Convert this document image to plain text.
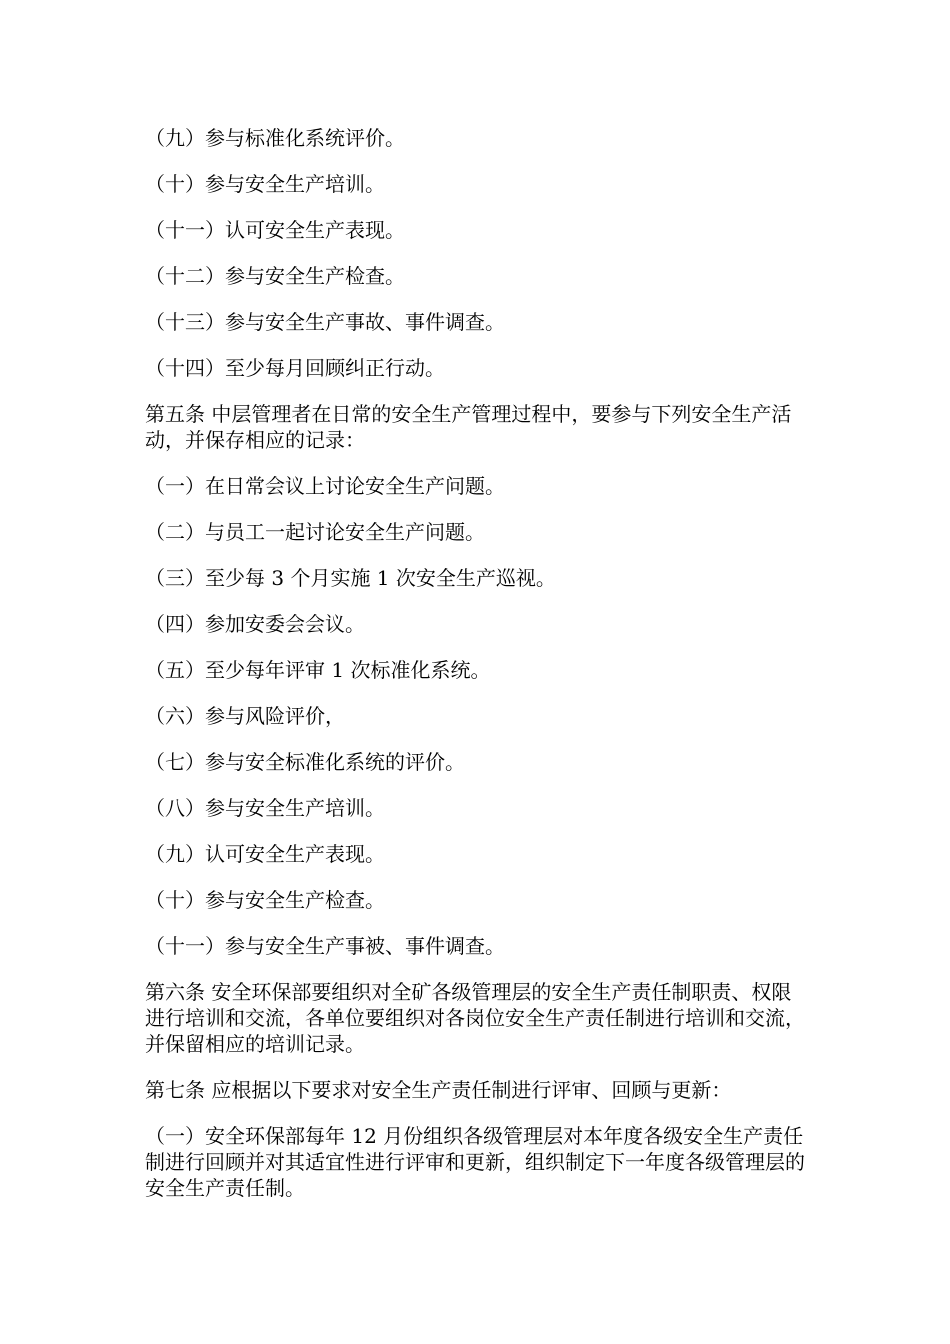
（九）参与标准化系统评价。

（十）参与安全生产培训。

（十一）认可安全生产表现。

（十二）参与安全生产检查。

（十三）参与安全生产事故、事件调查。

（十四）至少每月回顾纠正行动。

第五条 中层管理者在日常的安全生产管理过程中，要参与下列安全生产活动，并保存相应的记录：

（一）在日常会议上讨论安全生产问题。

（二）与员工一起讨论安全生产问题。

（三）至少每 3 个月实施 1 次安全生产巡视。

（四）参加安委会会议。

（五）至少每年评审 1 次标准化系统。

（六）参与风险评价，

（七）参与安全标准化系统的评价。

（八）参与安全生产培训。

（九）认可安全生产表现。

（十）参与安全生产检查。

（十一）参与安全生产事被、事件调查。

第六条 安全环保部要组织对全矿各级管理层的安全生产责任制职责、权限进行培训和交流，各单位要组织对各岗位安全生产责任制进行培训和交流，并保留相应的培训记录。

第七条 应根据以下要求对安全生产责任制进行评审、回顾与更新：

（一）安全环保部每年 12 月份组织各级管理层对本年度各级安全生产责任制进行回顾并对其适宜性进行评审和更新，组织制定下一年度各级管理层的安全生产责任制。
